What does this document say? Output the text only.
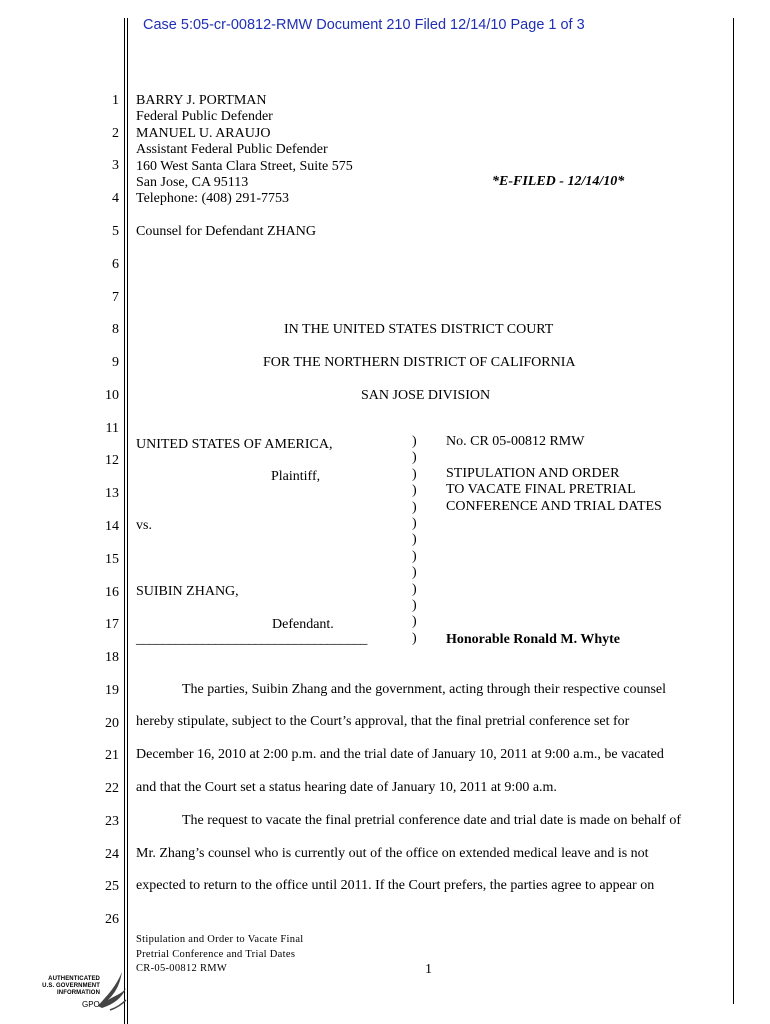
Case 5:05-cr-00812-RMW Document 210 Filed 12/14/10 Page 1 of 3
1
2
3
4
5
6
7
8
9
10
11
12
13
14
15
16
17
18
19
20
21
22
23
24
25
26
BARRY J. PORTMAN
Federal Public Defender
MANUEL U. ARAUJO
Assistant Federal Public Defender
160 West Santa Clara Street, Suite 575
San Jose, CA 95113
Telephone: (408) 291-7753
*E-FILED - 12/14/10*
Counsel for Defendant ZHANG
IN THE UNITED STATES DISTRICT COURT
FOR THE NORTHERN DISTRICT OF CALIFORNIA
SAN JOSE DIVISION
UNITED STATES OF AMERICA,
Plaintiff,
vs.
SUIBIN ZHANG,
Defendant.
___________________________________
)
)
)
)
)
)
)
)
)
)
)
)
)
No. CR 05-00812 RMW
STIPULATION AND ORDER
TO VACATE FINAL PRETRIAL
CONFERENCE AND TRIAL DATES
Honorable Ronald M. Whyte
The parties, Suibin Zhang and the government, acting through their respective counsel
hereby stipulate, subject to the Court’s approval, that the final pretrial conference set for
December 16, 2010 at 2:00 p.m. and the trial date of January 10, 2011 at 9:00 a.m., be vacated
and that the Court set a status hearing date of January 10, 2011 at 9:00 a.m.
The request to vacate the final pretrial conference date and trial date is made on behalf of
Mr. Zhang’s counsel who is currently out of the office on extended medical leave and is not
expected to return to the office until 2011. If the Court prefers, the parties agree to appear on
Stipulation and Order to Vacate Final
Pretrial Conference and Trial Dates
CR-05-00812 RMW	1
AUTHENTICATED
U.S. GOVERNMENT
INFORMATION
GPO
